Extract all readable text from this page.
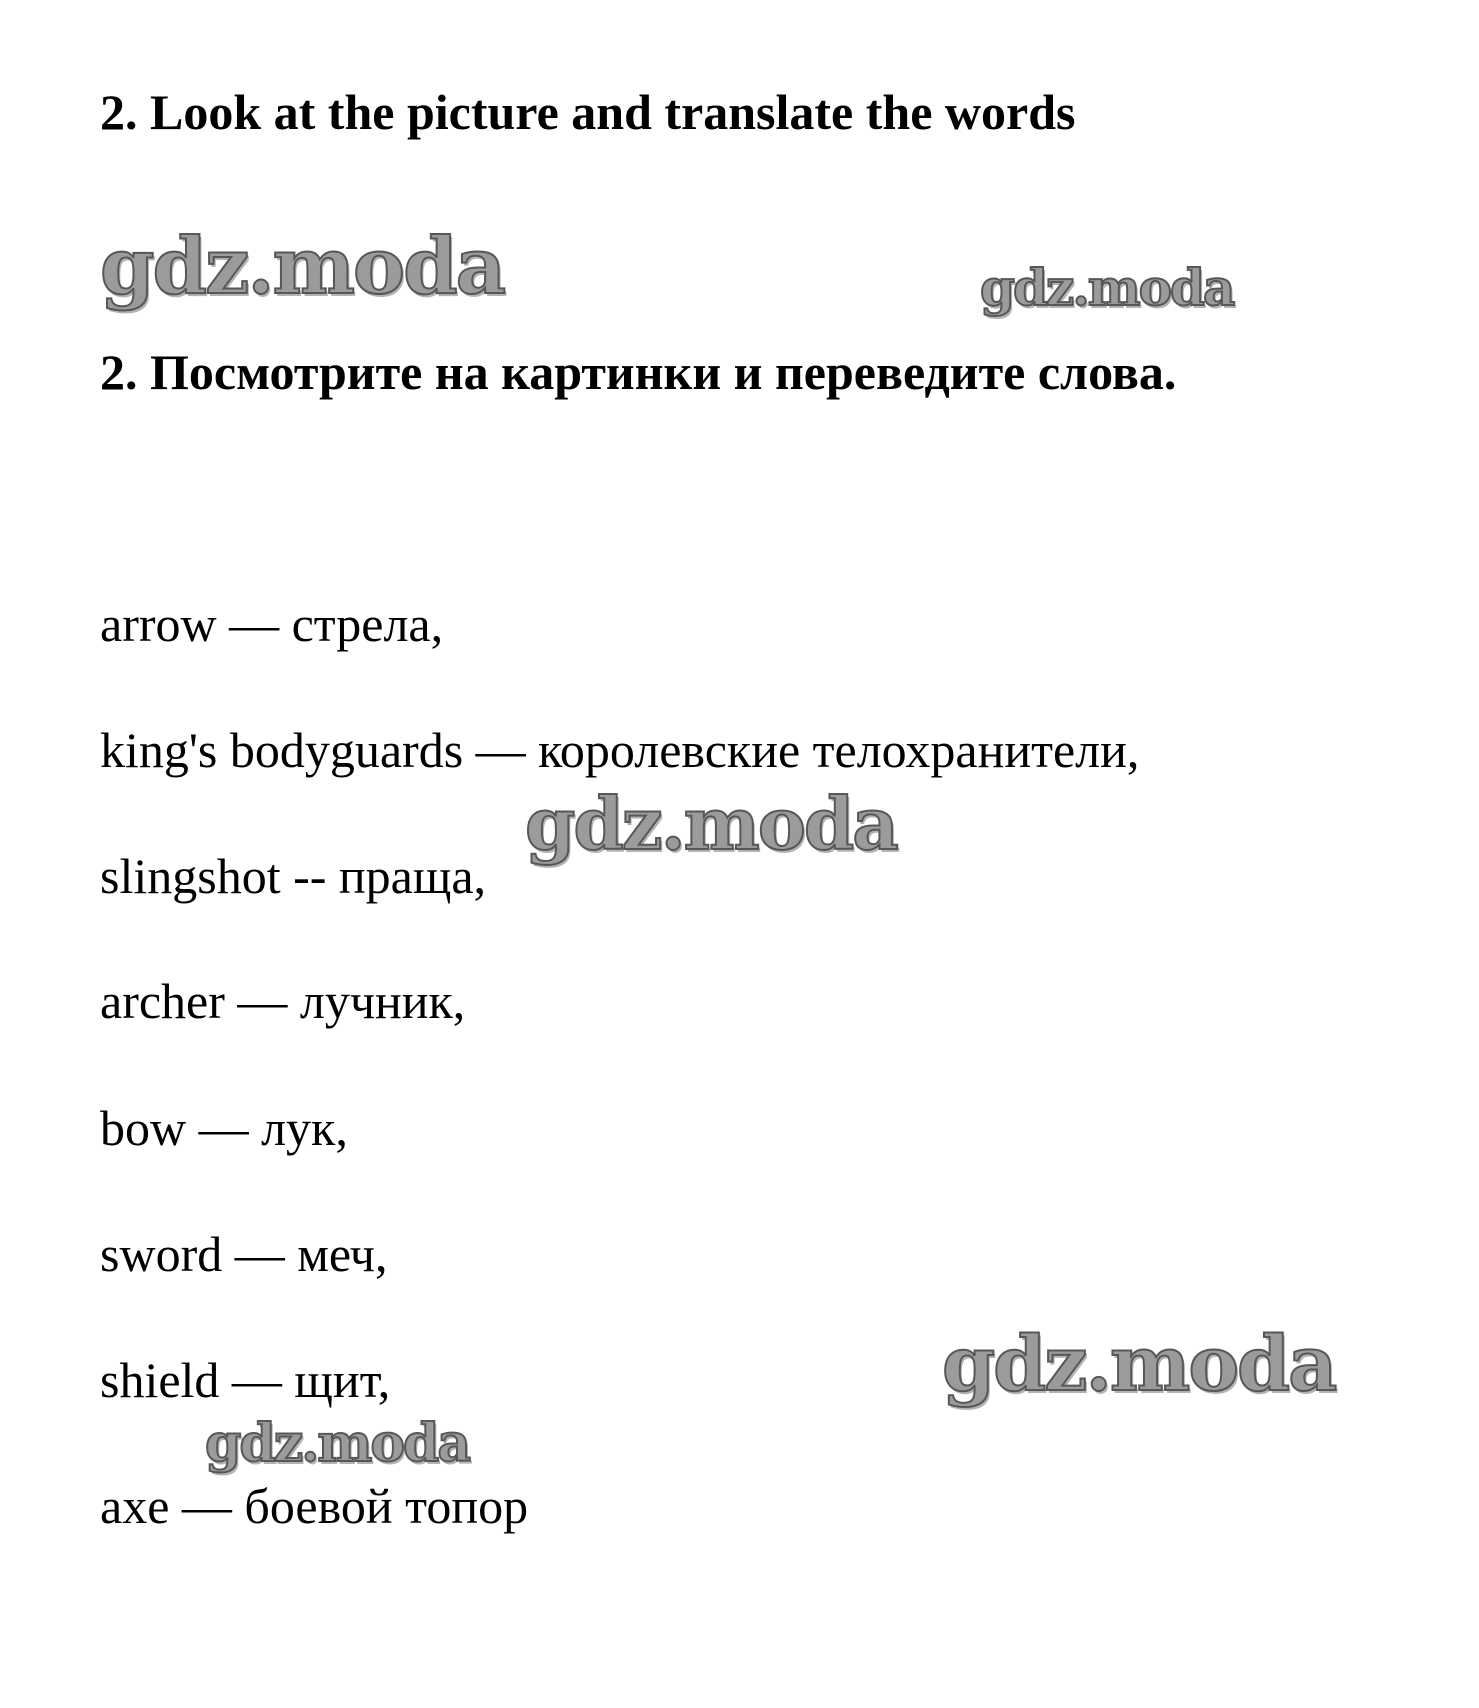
2. Look at the picture and translate the words
2. Посмотрите на картинки и переведите слова.
arrow — стрела,
king's bodyguards — королевские телохранители,
slingshot -- праща,
archer — лучник,
bow — лук,
sword — меч,
shield — щит,
axe — боевой топор
gdz.moda	gdz.moda
gdz.moda
gdz.moda
gdz.moda
